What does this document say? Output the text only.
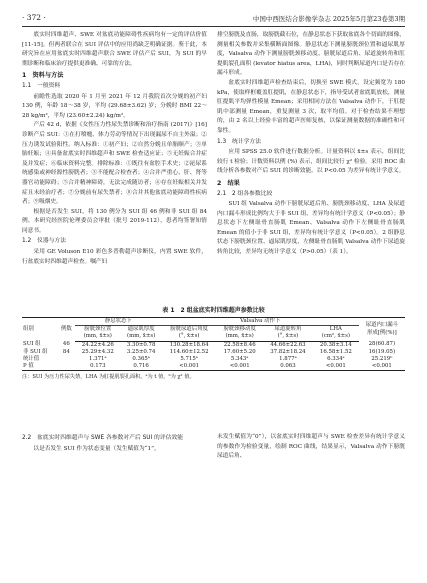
· 372 ·	中国中西医结合影像学杂志 2025年5月第23卷第3期

底实时四维超声、SWE 对盆底功能障碍性疾病均有一定的评估价值[11-15]。但两者联合在 SUI 评估中的应用尚缺乏明确证据。鉴于此，本研究旨在应用盆底实时四维超声联合 SWE 评估产后 SUI，为 SUI 的早期诊断和临床治疗提供更准确、可靠的方法。

1　资料与方法
1.1　一般资料

前瞻性选取 2020 年 1 月至 2021 年 12 月我院首次分娩的初产妇 130 例，年龄 18～38 岁，平均 (29.68±3.62) 岁；分娩时 BMI 22～28 kg/m²，平均 (23.60±2.24) kg/m²。

产后 42 d，依据《女性压力性尿失禁诊断和治疗指南 (2017)》[16] 诊断产后 SUI：①在打喷嚏、体力劳动等情况下出现漏尿不自主外溢；②压力诱发试验阳性。纳入标准：①初产妇；②自然分娩且单胎顺产；③单胎妊娠；④具备盆底实时四维超声和 SWE 检查适应证；⑤无妊娠合并症及并发症；⑥临床资料完整。排除标准：①既往有盆腔手术史；②泌尿系统感染或神经源性膀胱者；③不能配合检查者；④合并严重心、肝、肾等器官功能障碍；⑤合并精神障碍，无法完成随访者；⑥存在妊娠相关并发症且未经治疗者；⑦分娩前有尿失禁者；⑧合并其他盆底功能障碍性疾病者；⑨吸烟史。

根据是否发生 SUI，将 130 例分为 SUI 组 46 例和非 SUI 组 84 例。本研究经医院伦理委员会审批（批号 2019-112），患者均签署知情同意书。

1.2　仪器与方法

采用 GE Voluson E10 彩色多普勒超声诊断仪，内置 SWE 软件，行盆底实时四维超声检查。嘱产妇

排空膀胱及直肠，取膀胱截石位，在静息状态下获取盆底各个切面的图像，测量相关参数并采集横断面图像。静息状态下测量膀胱颈位置和逼尿肌厚度，Valsalva 动作下测量膀胱颈移动度、膀胱尿道后角、尿道旋转角和肛提肌裂孔面积 (levator hiatus area，LHA)，同时判断尿道内口是否存在漏斗形成。

盆底实时四维超声检查结束后，切换至 SWE 模式，设定频宽为 180 kPa，使取样框覆盖肛提肌，在静息状态下，指导受试者盆底肌放松，测量肛提肌平均弹性模量 Emean；采用相同方法在 Valsalva 动作下，于肛提肌中部测量 Emean，重复测量 3 次，取平均值。对于检查结果不理想的，由 2 名以上经验丰富的超声医师复核，以保证测量数据的准确性和可靠性。

1.3　统计学方法

应用 SPSS 25.0 软件进行数据分析。计量资料以 x̄±s 表示，组间比较行 t 检验；计数资料以例 (%) 表示，组间比较行 χ² 检验。采用 ROC 曲线分析各参数对产后 SUI 的诊断效能。以 P<0.05 为差异有统计学意义。

2　结果
2.1　2 组各参数比较

SUI 组 Valsalva 动作下膀胱尿道后角、膀胱颈移动度、LHA 及尿道内口漏斗形成比例均大于非 SUI 组，差异均有统计学意义（P<0.05）；静息状态下左侧耻骨直肠肌 Emean、Valsalva 动作下左侧耻骨直肠肌 Emean 的值小于非 SUI 组，差异均有统计学意义（P<0.05）。2 组静息状态下膀胱颈位置、逼尿肌厚度，左侧耻骨直肠肌 Valsalva 动作下尿道旋转角比较，差异均无统计学意义（P>0.05）（表 1）。

表 1　2 组盆底实时四维超声参数比较
组别	例数	静息状态下		Valsalva 动作下				尿道内口漏斗
形成[例(%)]
		膀胱颈位置
(mm, x̄±s)	逼尿肌厚度
(mm, x̄±s)	膀胱尿道后角度
(°, x̄±s)	膀胱颈移动度
(mm, x̄±s)	尿道旋转角
(°, x̄±s)	LHA
(cm², x̄±s)	
SUI 组	46	24.22±4.26	3.30±0.78	130.28±18.64	22.58±8.46	44.66±22.63	20.38±3.14	28(60.87)
非 SUI 组	84	25.29±4.32	3.25±0.74	114.60±12.52	17.60±5.20	37.82±18.24	16.58±1.52	16(19.05)
统计值		1.371ᵃ	0.365ᵃ	5.715ᵃ	5.343ᵃ	1.877ᵃ	6.334ᵃ	25.219ᵇ
P 值		0.173	0.716	<0.001	<0.001	0.063	<0.001	<0.001
注：SUI 为压力性尿失禁，LHA 为肛提肌裂孔面积。ᵃ为 t 值，ᵇ为 χ² 值。
2.2　盆底实时四维超声与 SWE 各参数对产后 SUI 的评估效能

以是否发生 SUI 作为状态变量（发生赋值为“1”，

未发生赋值为“0”），以盆底实时四维超声与 SWE 检查差异有统计学意义的参数作为检验变量，绘制 ROC 曲线，结果显示，Valsalva 动作下膀胱尿道后角、
